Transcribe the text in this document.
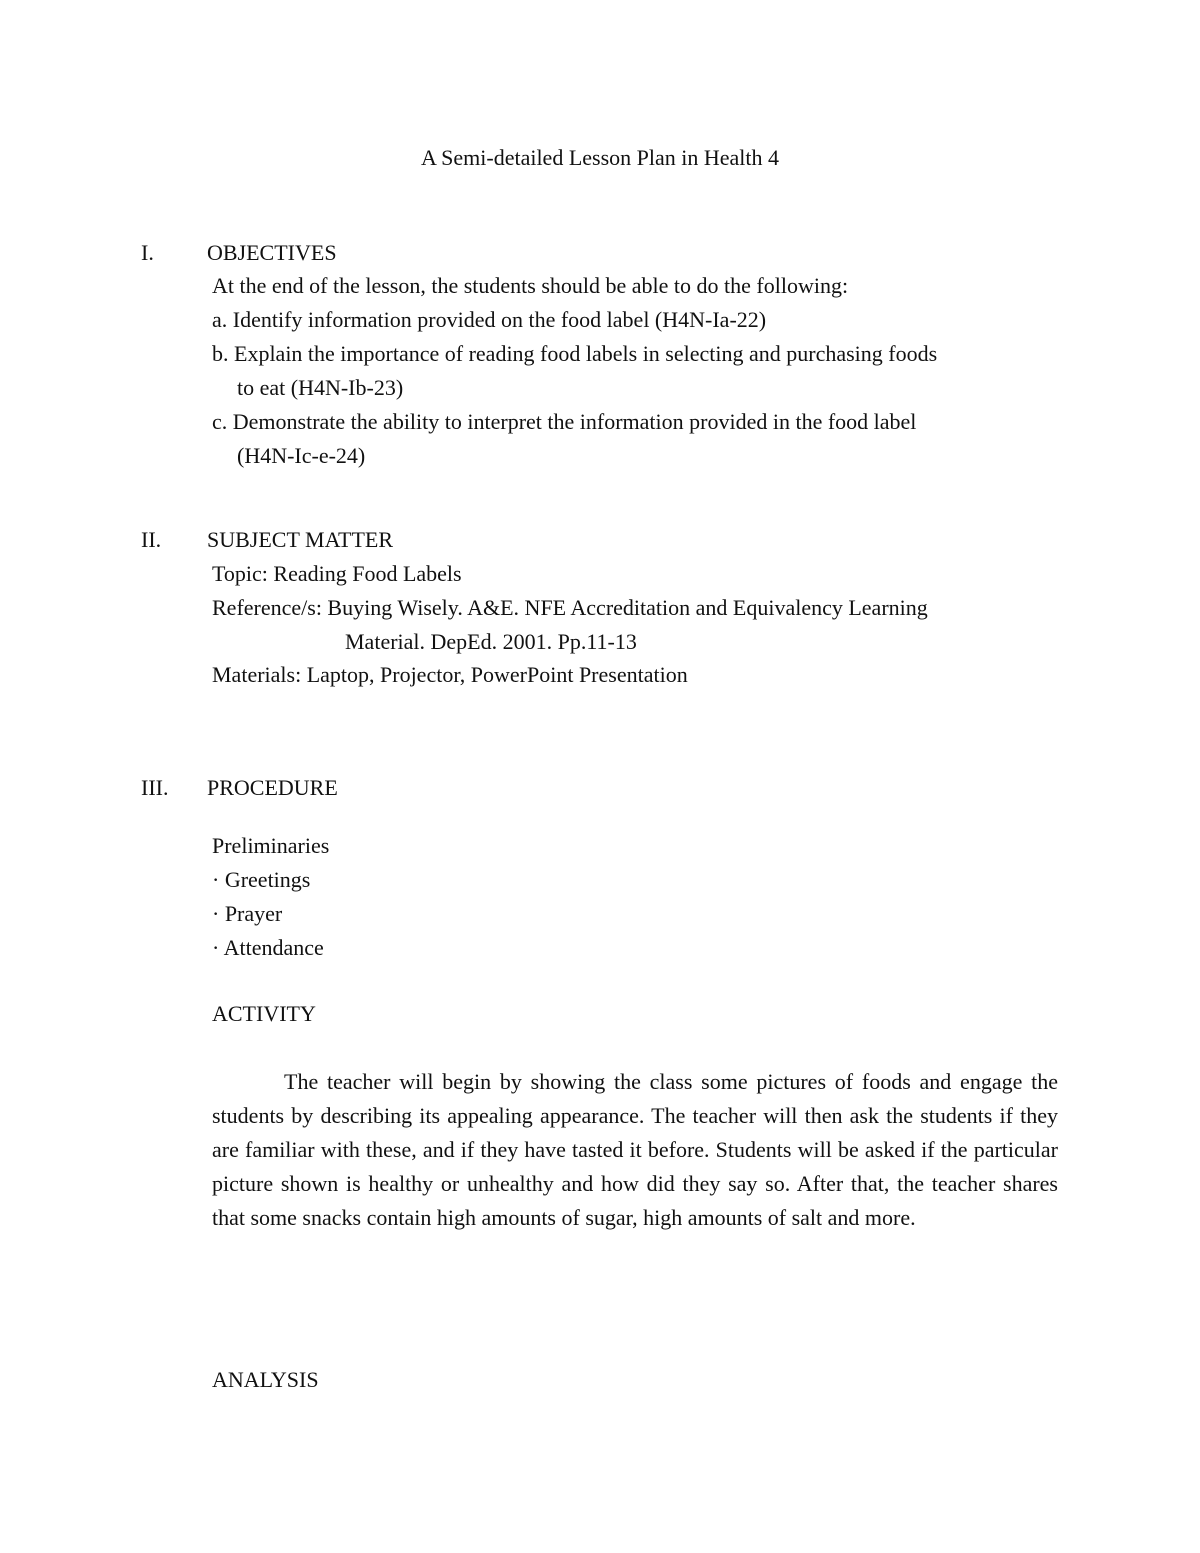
A Semi-detailed Lesson Plan in Health 4
I. OBJECTIVES
At the end of the lesson, the students should be able to do the following:
a. Identify information provided on the food label (H4N-Ia-22)
b. Explain the importance of reading food labels in selecting and purchasing foods
to eat (H4N-Ib-23)
c. Demonstrate the ability to interpret the information provided in the food label
(H4N-Ic-e-24)
II. SUBJECT MATTER
Topic: Reading Food Labels
Reference/s: Buying Wisely. A&E. NFE Accreditation and Equivalency Learning
Material. DepEd. 2001. Pp.11-13
Materials: Laptop, Projector, PowerPoint Presentation
III. PROCEDURE
Preliminaries
· Greetings
· Prayer
· Attendance
ACTIVITY
The teacher will begin by showing the class some pictures of foods and engage the students by describing its appealing appearance. The teacher will then ask the students if they are familiar with these, and if they have tasted it before. Students will be asked if the particular picture shown is healthy or unhealthy and how did they say so. After that, the teacher shares that some snacks contain high amounts of sugar, high amounts of salt and more.
ANALYSIS
